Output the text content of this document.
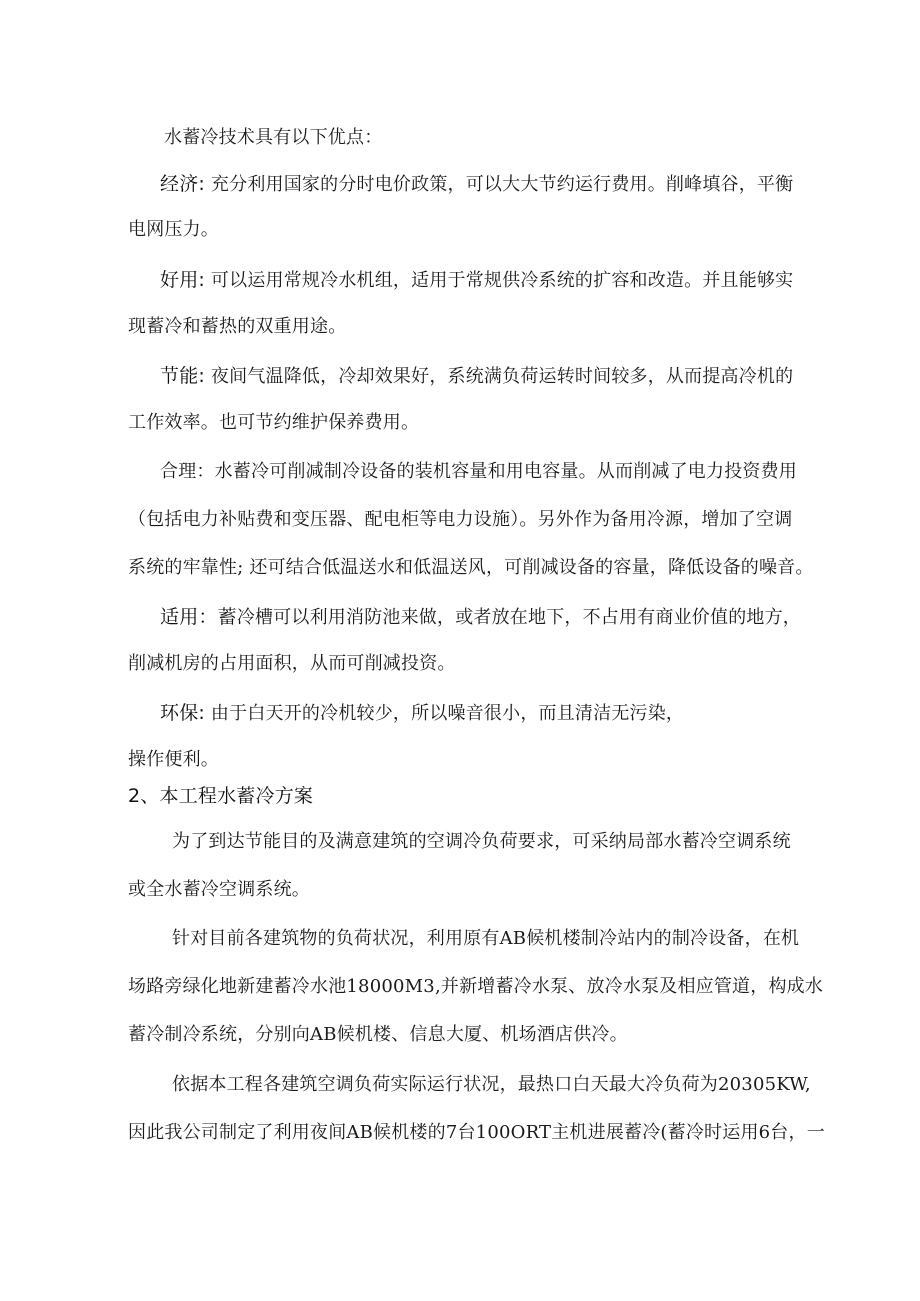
水蓄冷技术具有以下优点：
经济: 充分利用国家的分时电价政策，可以大大节约运行费用。削峰填谷，平衡
电网压力。
好用: 可以运用常规冷水机组，适用于常规供冷系统的扩容和改造。并且能够实
现蓄冷和蓄热的双重用途。
节能: 夜间气温降低，冷却效果好，系统满负荷运转时间较多，从而提高冷机的
工作效率。也可节约维护保养费用。
合理：水蓄冷可削减制冷设备的装机容量和用电容量。从而削减了电力投资费用
（包括电力补贴费和变压器、配电柜等电力设施）。另外作为备用冷源，增加了空调
系统的牢靠性; 还可结合低温送水和低温送风，可削减设备的容量，降低设备的噪音。
适用：蓄冷槽可以利用消防池来做，或者放在地下，不占用有商业价值的地方，
削减机房的占用面积，从而可削减投资。
环保: 由于白天开的冷机较少，所以噪音很小，而且清洁无污染，
操作便利。
2、本工程水蓄冷方案
为了到达节能目的及满意建筑的空调冷负荷要求，可采纳局部水蓄冷空调系统
或全水蓄冷空调系统。
针对目前各建筑物的负荷状况，利用原有AB候机楼制冷站内的制冷设备，在机
场路旁绿化地新建蓄冷水池18000M3,并新增蓄冷水泵、放冷水泵及相应管道，构成水
蓄冷制冷系统，分别向AB候机楼、信息大厦、机场酒店供冷。
依据本工程各建筑空调负荷实际运行状况，最热口白天最大冷负荷为20305KW,
因此我公司制定了利用夜间AB候机楼的7台100ORT主机进展蓄冷(蓄冷时运用6台，一
